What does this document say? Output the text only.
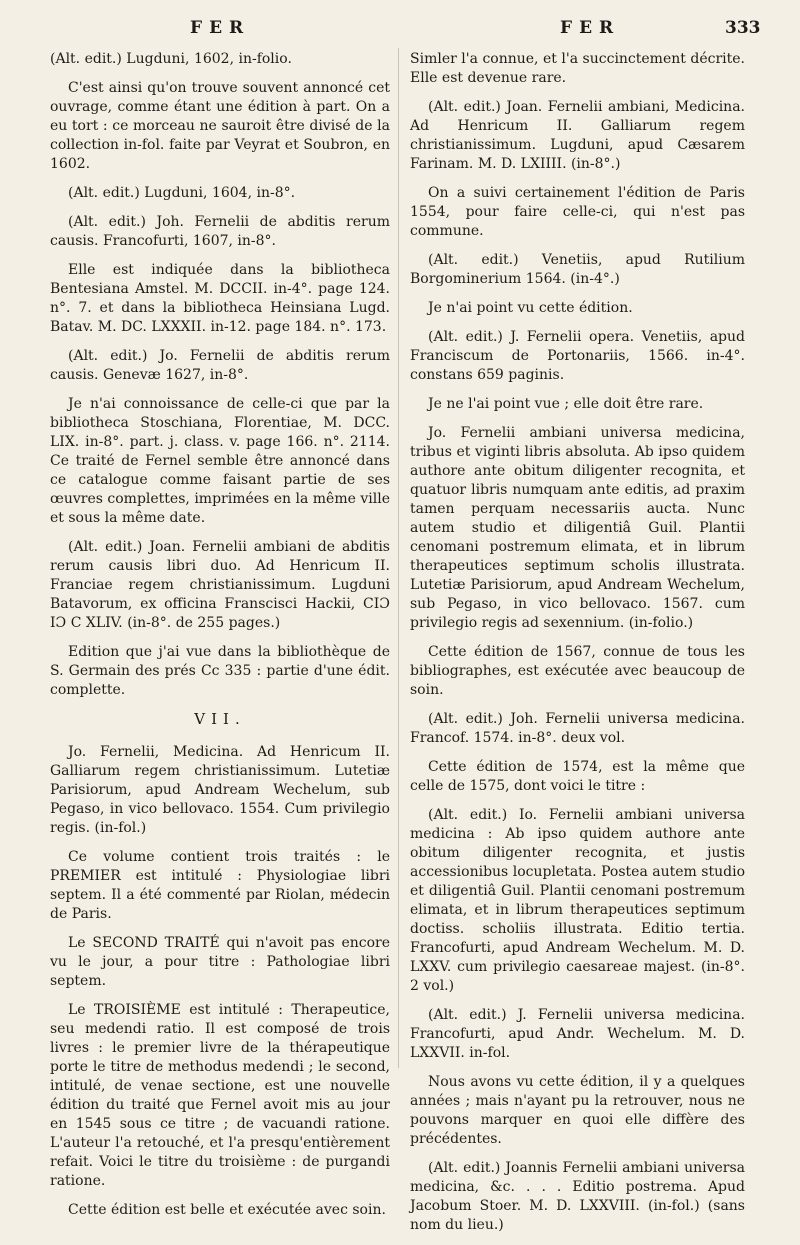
FER	FER	333

(Alt. edit.) Lugduni, 1602, in-folio.

C'est ainsi qu'on trouve souvent annoncé cet ouvrage, comme étant une édition à part. On a eu tort : ce morceau ne sauroit être divisé de la collection in-fol. faite par Veyrat et Soubron, en 1602.

(Alt. edit.) Lugduni, 1604, in-8°.

(Alt. edit.) Joh. Fernelii de abditis rerum causis. Francofurti, 1607, in-8°.

Elle est indiquée dans la bibliotheca Bentesiana Amstel. M. DCCII. in-4°. page 124. n°. 7. et dans la bibliotheca Heinsiana Lugd. Batav. M. DC. LXXXII. in-12. page 184. n°. 173.

(Alt. edit.) Jo. Fernelii de abditis rerum causis. Genevæ 1627, in-8°.

Je n'ai connoissance de celle-ci que par la bibliotheca Stoschiana, Florentiae, M. DCC. LIX. in-8°. part. j. class. v. page 166. n°. 2114. Ce traité de Fernel semble être annoncé dans ce catalogue comme faisant partie de ses œuvres complettes, imprimées en la même ville et sous la même date.

(Alt. edit.) Joan. Fernelii ambiani de abditis rerum causis libri duo. Ad Henricum II. Franciae regem christianissimum. Lugduni Batavorum, ex officina Franscisci Hackii, CIƆ IƆ C XLIV. (in-8°. de 255 pages.)

Edition que j'ai vue dans la bibliothèque de S. Germain des prés Cc 335 : partie d'une édit. complette.

VII.

Jo. Fernelii, Medicina. Ad Henricum II. Galliarum regem christianissimum. Lutetiæ Parisiorum, apud Andream Wechelum, sub Pegaso, in vico bellovaco. 1554. Cum privilegio regis. (in-fol.)

Ce volume contient trois traités : le PREMIER est intitulé : Physiologiae libri septem. Il a été commenté par Riolan, médecin de Paris.

Le SECOND TRAITÉ qui n'avoit pas encore vu le jour, a pour titre : Pathologiae libri septem.

Le TROISIÈME est intitulé : Therapeutice, seu medendi ratio. Il est composé de trois livres : le premier livre de la thérapeutique porte le titre de methodus medendi ; le second, intitulé, de venae sectione, est une nouvelle édition du traité que Fernel avoit mis au jour en 1545 sous ce titre ; de vacuandi ratione. L'auteur l'a retouché, et l'a presqu'entièrement refait. Voici le titre du troisième : de purgandi ratione.

Cette édition est belle et exécutée avec soin.

Simler l'a connue, et l'a succinctement décrite. Elle est devenue rare.

(Alt. edit.) Joan. Fernelii ambiani, Medicina. Ad Henricum II. Galliarum regem christianissimum. Lugduni, apud Cæsarem Farinam. M. D. LXIIII. (in-8°.)

On a suivi certainement l'édition de Paris 1554, pour faire celle-ci, qui n'est pas commune.

(Alt. edit.) Venetiis, apud Rutilium Borgominerium 1564. (in-4°.)

Je n'ai point vu cette édition.

(Alt. edit.) J. Fernelii opera. Venetiis, apud Franciscum de Portonariis, 1566. in-4°. constans 659 paginis.

Je ne l'ai point vue ; elle doit être rare.

Jo. Fernelii ambiani universa medicina, tribus et viginti libris absoluta. Ab ipso quidem authore ante obitum diligenter recognita, et quatuor libris numquam ante editis, ad praxim tamen perquam necessariis aucta. Nunc autem studio et diligentiâ Guil. Plantii cenomani postremum elimata, et in librum therapeutices septimum scholis illustrata. Lutetiæ Parisiorum, apud Andream Wechelum, sub Pegaso, in vico bellovaco. 1567. cum privilegio regis ad sexennium. (in-folio.)

Cette édition de 1567, connue de tous les bibliographes, est exécutée avec beaucoup de soin.

(Alt. edit.) Joh. Fernelii universa medicina. Francof. 1574. in-8°. deux vol.

Cette édition de 1574, est la même que celle de 1575, dont voici le titre :

(Alt. edit.) Io. Fernelii ambiani universa medicina : Ab ipso quidem authore ante obitum diligenter recognita, et justis accessionibus locupletata. Postea autem studio et diligentiâ Guil. Plantii cenomani postremum elimata, et in librum therapeutices septimum doctiss. scholiis illustrata. Editio tertia. Francofurti, apud Andream Wechelum. M. D. LXXV. cum privilegio caesareae majest. (in-8°. 2 vol.)

(Alt. edit.) J. Fernelii universa medicina. Francofurti, apud Andr. Wechelum. M. D. LXXVII. in-fol.

Nous avons vu cette édition, il y a quelques années ; mais n'ayant pu la retrouver, nous ne pouvons marquer en quoi elle diffère des précédentes.

(Alt. edit.) Joannis Fernelii ambiani universa medicina, &c. . . . Editio postrema. Apud Jacobum Stoer. M. D. LXXVIII. (in-fol.) (sans nom du lieu.)
